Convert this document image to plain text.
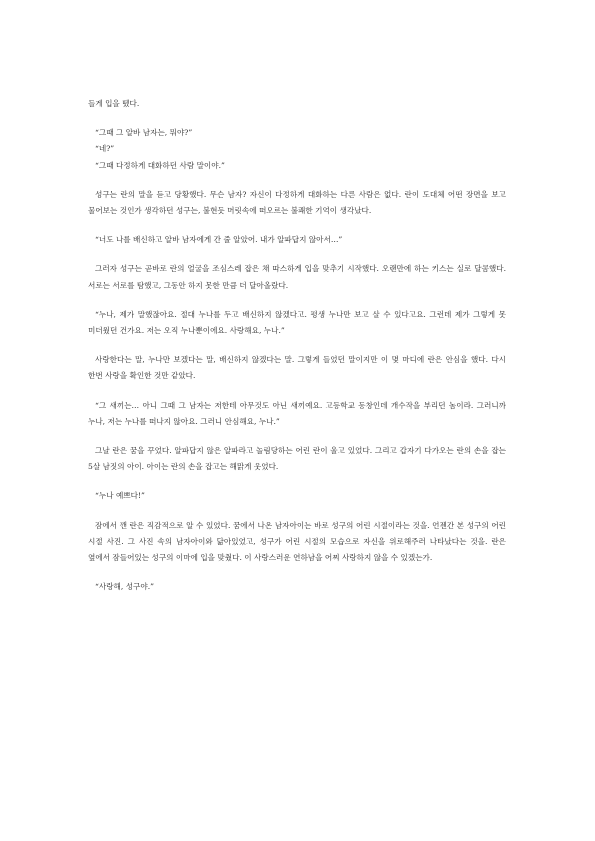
들게 입을 뗐다.

“그때 그 알바 남자는, 뭐야?”

“네?”

“그때 다정하게 대화하던 사람 말이야.”

성구는 란의 말을 듣고 당황했다. 무슨 남자? 자신이 다정하게 대화하는 다른 사람은 없다. 란이 도대체 어떤 장면을 보고 물어보는 것인가 생각하던 성구는, 불현듯 머릿속에 떠오르는 불쾌한 기억이 생각났다.

“너도 나를 배신하고 알바 남자에게 간 줄 알았어. 내가 알파답지 않아서…”

그러자 성구는 곧바로 란의 얼굴을 조심스레 잡은 채 따스하게 입을 맞추기 시작했다. 오랜만에 하는 키스는 실로 달콤했다. 서로는 서로를 탐했고, 그동안 하지 못한 만큼 더 달아올랐다.

“누나, 제가 말했잖아요. 절대 누나를 두고 배신하지 않겠다고. 평생 누나만 보고 살 수 있다고요. 그런데 제가 그렇게 못 미더웠던 건가요. 저는 오직 누나뿐이에요. 사랑해요, 누나.”

사랑한다는 말, 누나만 보겠다는 말, 배신하지 않겠다는 말. 그렇게 들었던 말이지만 이 몇 마디에 란은 안심을 했다. 다시 한번 사랑을 확인한 것만 같았다.

“그 새끼는… 아니 그때 그 남자는 저한테 아무것도 아닌 새끼예요. 고등학교 동창인데 개수작을 부리던 놈이라. 그러니까 누나, 저는 누나를 떠나지 않아요. 그러니 안심해요, 누나.”

그날 란은 꿈을 꾸었다. 알파답지 않은 알파라고 놀림당하는 어린 란이 울고 있었다. 그리고 갑자기 다가오는 란의 손을 잡는 5살 남짓의 아이. 아이는 란의 손을 잡고는 해맑게 웃었다.

“누나 예쁘다!”

잠에서 깬 란은 직감적으로 알 수 있었다. 꿈에서 나온 남자아이는 바로 성구의 어린 시절이라는 것을. 언젠간 본 성구의 어린 시절 사진. 그 사진 속의 남자아이와 닮아있었고, 성구가 어린 시절의 모습으로 자신을 위로해주러 나타났다는 것을. 란은 옆에서 잠들어있는 성구의 이마에 입을 맞췄다. 이 사랑스러운 연하남을 어찌 사랑하지 않을 수 있겠는가.

“사랑해, 성구야.”
